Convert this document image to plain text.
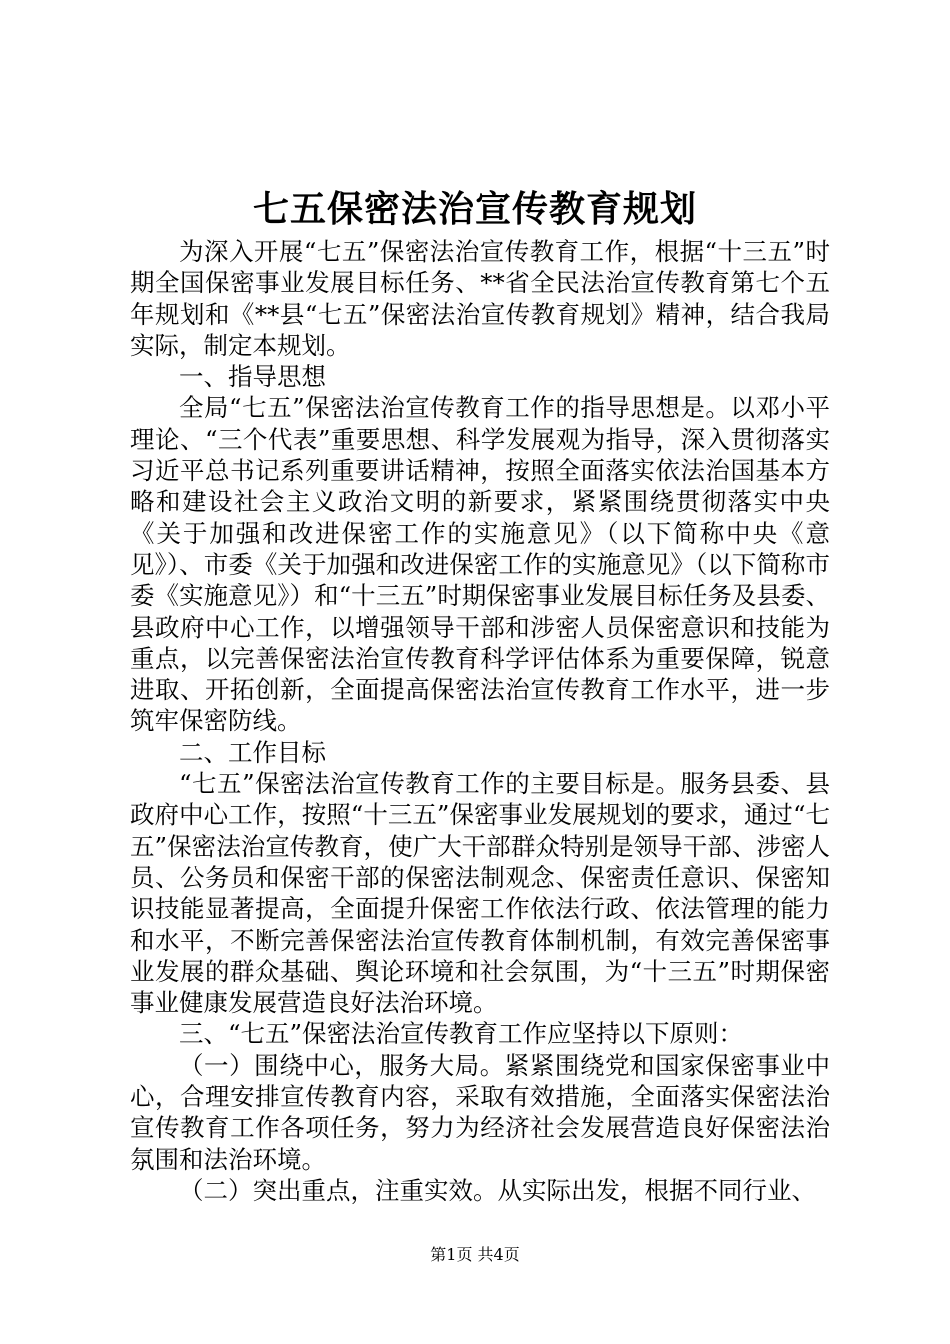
七五保密法治宣传教育规划

为深入开展“七五”保密法治宣传教育工作，根据“十三五”时期全国保密事业发展目标任务、**省全民法治宣传教育第七个五年规划和《**县“七五”保密法治宣传教育规划》精神，结合我局实际，制定本规划。

一、指导思想

全局“七五”保密法治宣传教育工作的指导思想是。以邓小平理论、“三个代表”重要思想、科学发展观为指导，深入贯彻落实习近平总书记系列重要讲话精神，按照全面落实依法治国基本方略和建设社会主义政治文明的新要求，紧紧围绕贯彻落实中央《关于加强和改进保密工作的实施意见》（以下简称中央《意见》）、市委《关于加强和改进保密工作的实施意见》（以下简称市委《实施意见》）和“十三五”时期保密事业发展目标任务及县委、县政府中心工作，以增强领导干部和涉密人员保密意识和技能为重点，以完善保密法治宣传教育科学评估体系为重要保障，锐意进取、开拓创新，全面提高保密法治宣传教育工作水平，进一步筑牢保密防线。

二、工作目标

“七五”保密法治宣传教育工作的主要目标是。服务县委、县政府中心工作，按照“十三五”保密事业发展规划的要求，通过“七五”保密法治宣传教育，使广大干部群众特别是领导干部、涉密人员、公务员和保密干部的保密法制观念、保密责任意识、保密知识技能显著提高，全面提升保密工作依法行政、依法管理的能力和水平，不断完善保密法治宣传教育体制机制，有效完善保密事业发展的群众基础、舆论环境和社会氛围，为“十三五”时期保密事业健康发展营造良好法治环境。

三、“七五”保密法治宣传教育工作应坚持以下原则：

（一）围绕中心，服务大局。紧紧围绕党和国家保密事业中心，合理安排宣传教育内容，采取有效措施，全面落实保密法治宣传教育工作各项任务，努力为经济社会发展营造良好保密法治氛围和法治环境。

（二）突出重点，注重实效。从实际出发，根据不同行业、

第1页 共4页
